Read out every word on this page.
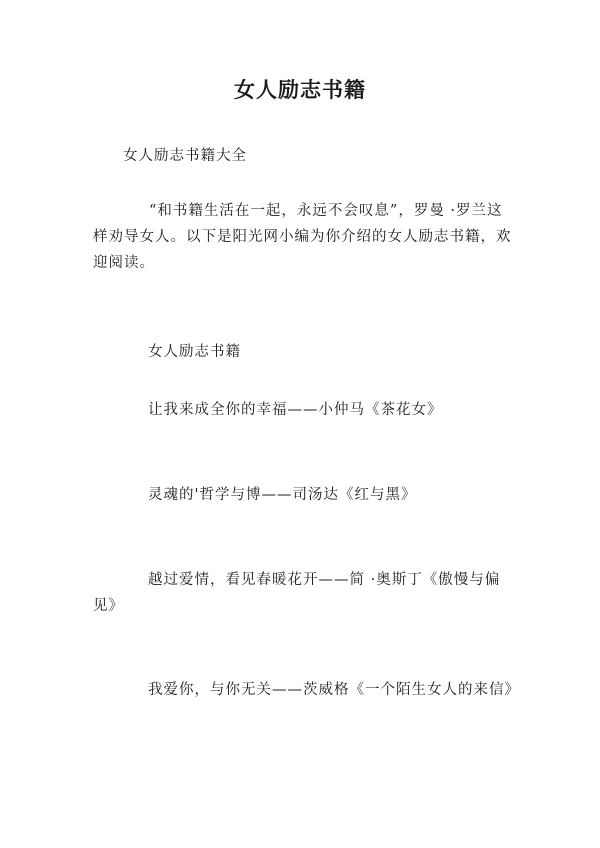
女人励志书籍
女人励志书籍大全
“和书籍生活在一起，永远不会叹息”，罗曼 ·罗兰这样劝导女人。以下是阳光网小编为你介绍的女人励志书籍，欢迎阅读。
女人励志书籍
让我来成全你的幸福——小仲马《茶花女》
灵魂的'哲学与博——司汤达《红与黑》
越过爱情，看见春暖花开——简 ·奥斯丁《傲慢与偏见》
我爱你，与你无关——茨威格《一个陌生女人的来信》
